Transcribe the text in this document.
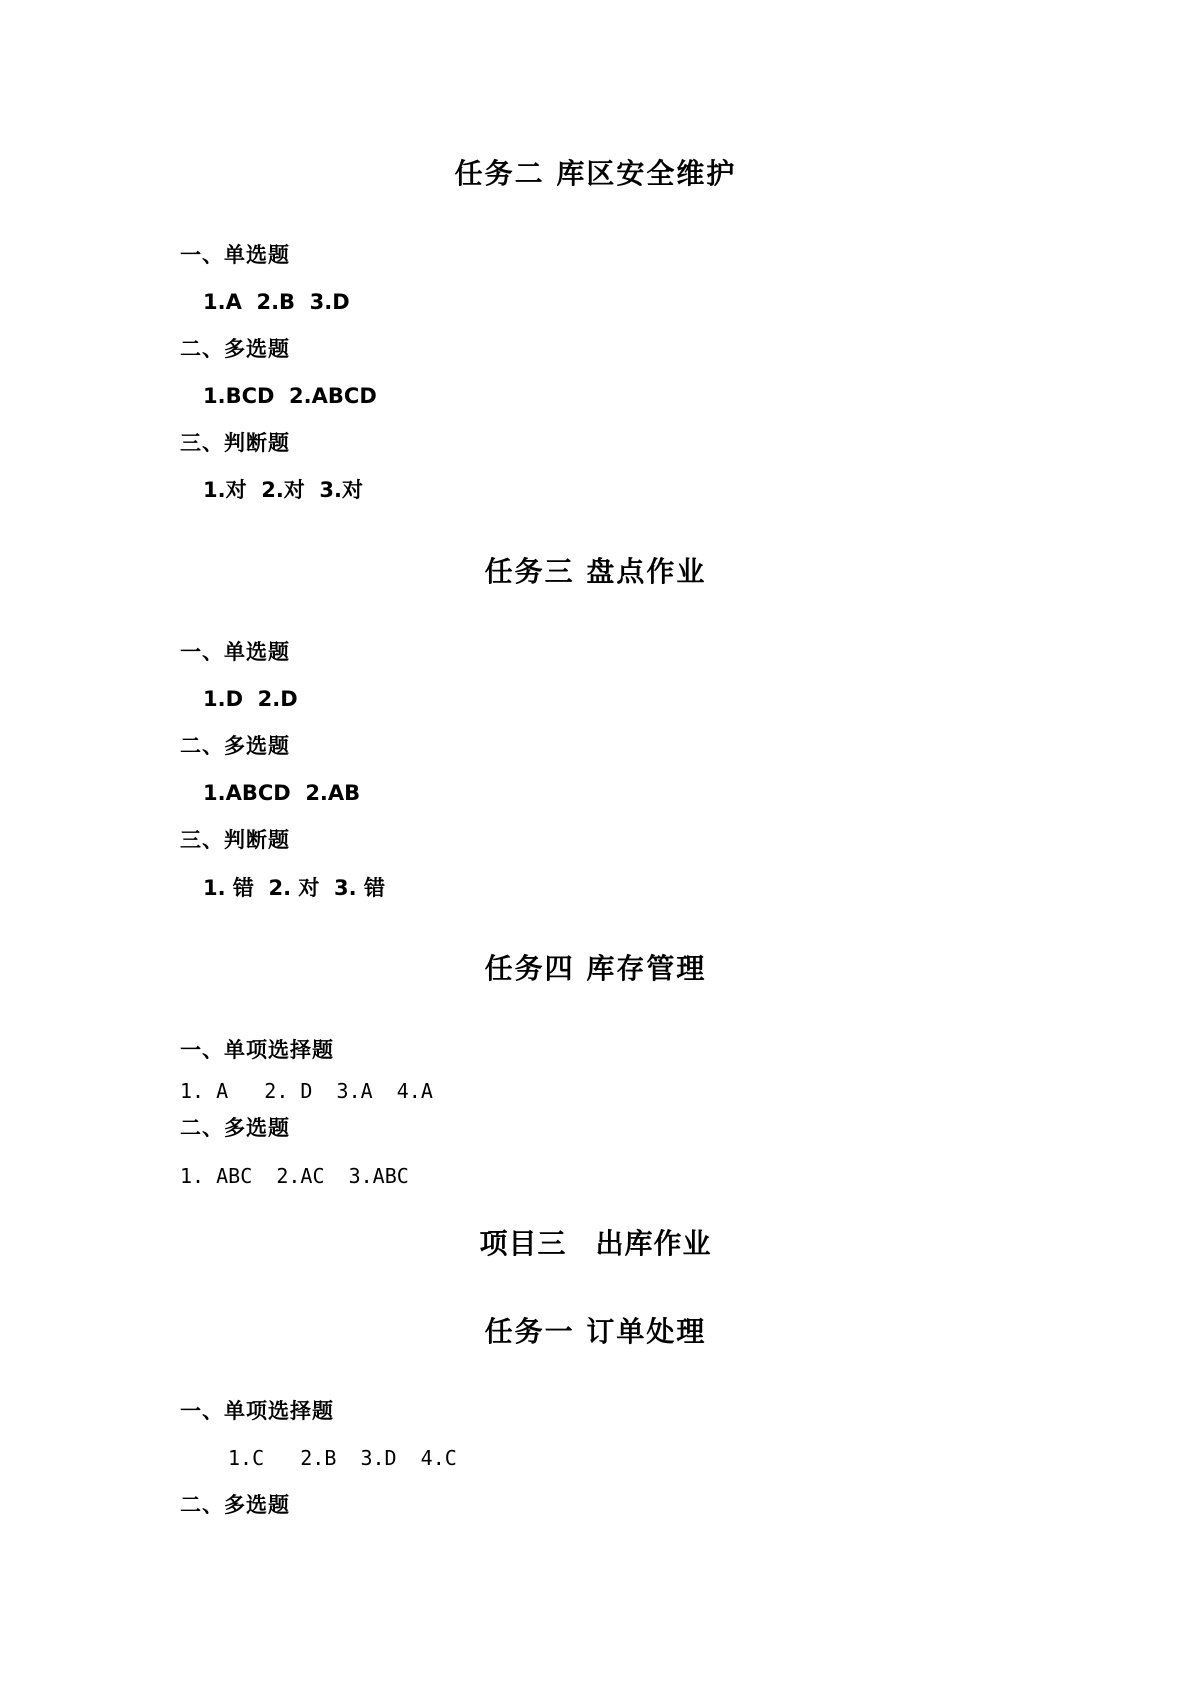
任务二 库区安全维护
一、单选题
1.A  2.B  3.D
二、多选题
1.BCD  2.ABCD
三、判断题
1.对  2.对  3.对
任务三 盘点作业
一、单选题
1.D  2.D
二、多选题
1.ABCD  2.AB
三、判断题
1. 错  2. 对  3. 错
任务四 库存管理
一、单项选择题
1. A   2. D  3.A  4.A
二、多选题
1. ABC  2.AC  3.ABC
项目三　出库作业
任务一 订单处理
一、单项选择题
1.C   2.B  3.D  4.C
二、多选题
